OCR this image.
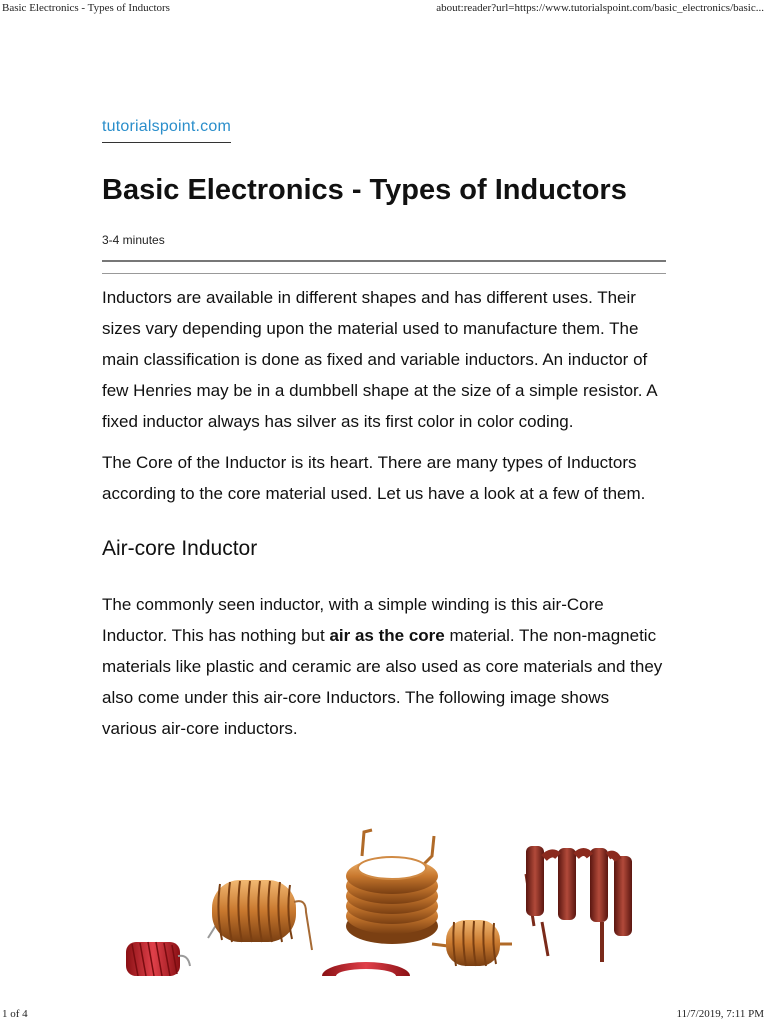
Basic Electronics - Types of Inductors	about:reader?url=https://www.tutorialspoint.com/basic_electronics/basic...
tutorialspoint.com
Basic Electronics - Types of Inductors
3-4 minutes

Inductors are available in different shapes and has different uses. Their sizes vary depending upon the material used to manufacture them. The main classification is done as fixed and variable inductors. An inductor of few Henries may be in a dumbbell shape at the size of a simple resistor. A fixed inductor always has silver as its first color in color coding.

The Core of the Inductor is its heart. There are many types of Inductors according to the core material used. Let us have a look at a few of them.

Air-core Inductor

The commonly seen inductor, with a simple winding is this air-Core Inductor. This has nothing but air as the core material. The non-magnetic materials like plastic and ceramic are also used as core materials and they also come under this air-core Inductors. The following image shows various air-core inductors.

1 of 4	11/7/2019, 7:11 PM
